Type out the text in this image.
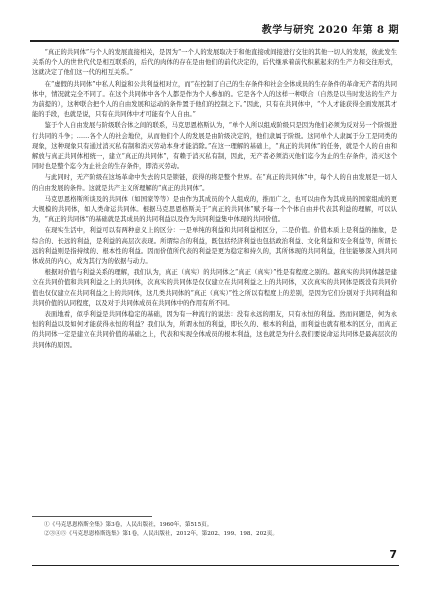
教学与研究 2020 年第 8 期

“真正的共同体”与个人的发展直接相关，是因为“一个人的发展取决于和他直接或间接进行交往的其他一切人的发展，彼此发生关系的个人的世世代代是相互联系的，后代的肉体的存在是由他们的前代决定的，后代继承着前代积累起来的生产力和交往形式，这就决定了他们这一代的相互关系。”

在“虚假的共同体”中私人利益和公共利益相对立，而“在控制了自己的生存条件和社会全体成员的生存条件的革命无产者的共同体中，情况就完全不同了。在这个共同体中各个人都是作为个人参加的。它是各个人的这样一种联合（自然是以当时发达的生产力为前提的），这种联合把个人的自由发展和运动的条件置于他们的控制之下。”因此，只有在共同体中，“个人才能获得全面发展其才能的手段，也就是说，只有在共同体中才可能有个人自由。”

鉴于个人自由发展与阶级联合体之间的联系，马克思恩格斯认为，“单个人所以组成阶级只是因为他们必须为反对另一个阶级进行共同的斗争；……各个人的社会地位，从而他们个人的发展是由阶级决定的，他们隶属于阶级。这同单个人隶属于分工是同类的现象，这种现象只有通过消灭私有制和消灭劳动本身才能消除。”在这一理解的基础上，“真正的共同体”的任务，就是个人的自由和解放与真正共同体相统一，建立“真正的共同体”，有赖于消灭私有制，因此，无产者必须消灭他们迄今为止的生存条件，消灭这个同时也是整个迄今为止社会的生存条件，即消灭劳动。

与此同时，无产阶级在这场革命中失去的只是锁链，获得的将是整个世界。在“真正的共同体”中，每个人的自由发展是一切人的自由发展的条件。这就是共产主义所理解的“真正的共同体”。

马克思恩格斯所谈及的共同体（如国家等等）是由作为其成员的个人组成的，推而广之，也可以由作为其成员的国家组成的更大规模的共同体，如人类命运共同体。根据马克思恩格斯关于“真正的共同体”赋予每一个个体自由并代表其利益的理解，可以认为，“真正的共同体”的基础就是其成员的共同利益以及作为共同利益集中体现的共同价值。

在现实生活中，利益可以有两种意义上的区分：一是单纯的利益和共同利益相区分，二是价值。价值本质上是利益的抽象，是综合的、长远的利益，是利益的高层次表现。所谓综合的利益，既包括经济利益也包括政治利益、文化利益和安全利益等，所谓长远的利益则是指持续的、根本性的利益。因而价值所代表的利益是更为稳定和持久的，其所体现的共同利益，往往能够深入到共同体成员的内心，成为其行为的依据与动力。

根据对价值与利益关系的理解，我们认为，真正（真实）的共同体之“真正（真实）”性是有程度之别的。越真实的共同体越是建立在共同价值和共同利益之上的共同体，次真实的共同体是仅仅建立在共同利益之上的共同体，又次真实的共同体是既没有共同价值也仅仅建立在共同利益之上的共同体，这几类共同体的“真正（真实）”性之所以有程度上的差别，是因为它们分别对于共同利益和共同价值的认同程度，以及对于共同体成员在共同体中的作用有所不同。

表面地看，似乎利益是共同体稳定的基础，因为有一种流行的说法：没有永远的朋友，只有永恒的利益。然而问题是，何为永恒的利益以及如何才能获得永恒的利益？我们认为，所谓永恒的利益，即长久的、根本的利益，而利益也就有根本的区分，而真正的共同体一定是建立在共同价值的基础之上，代表和实现全体成员的根本利益，这也就是为什么我们要说命运共同体是最高层次的共同体的原因。

①《马克思恩格斯全集》第3卷，人民出版社，1960年，第515页。

②③④⑤《马克思恩格斯选集》第1卷，人民出版社，2012年，第202、199、198、202页。

7
